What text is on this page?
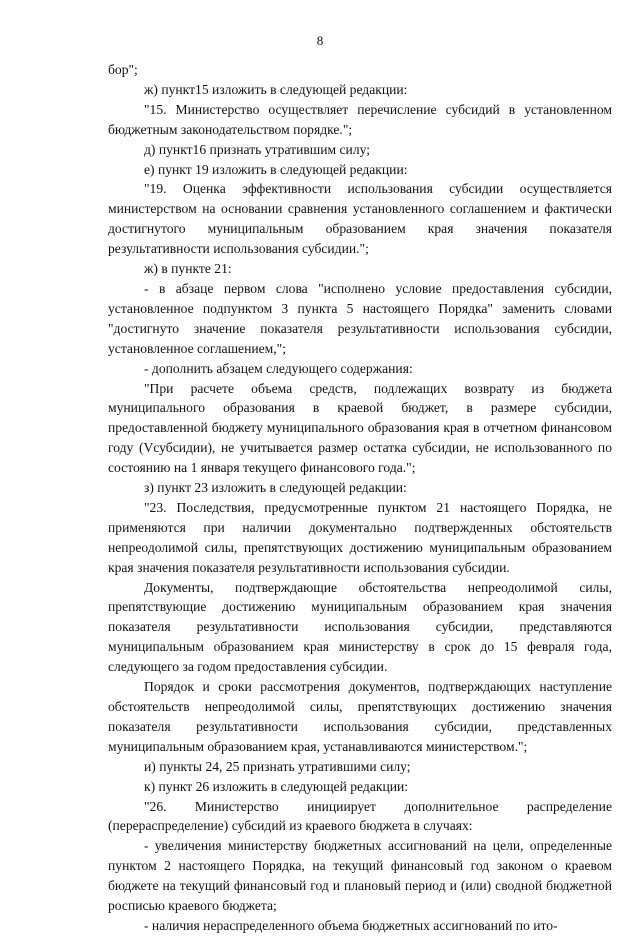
8

бор";

ж) пункт15 изложить в следующей редакции:

"15. Министерство осуществляет перечисление субсидий в установленном бюджетным законодательством порядке.";

д) пункт16 признать утратившим силу;

е) пункт 19 изложить в следующей редакции:

"19. Оценка эффективности использования субсидии осуществляется министерством на основании сравнения установленного соглашением и фактически достигнутого муниципальным образованием края значения показателя результативности использования субсидии.";

ж) в пункте 21:

- в абзаце первом слова "исполнено условие предоставления субсидии, установленное подпунктом 3 пункта 5 настоящего Порядка" заменить словами "достигнуто значение показателя результативности использования субсидии, установленное соглашением,";

- дополнить абзацем следующего содержания:

"При расчете объема средств, подлежащих возврату из бюджета муниципального образования в краевой бюджет, в размере субсидии, предоставленной бюджету муниципального образования края в отчетном финансовом году (Vсубсидии), не учитывается размер остатка субсидии, не использованного по состоянию на 1 января текущего финансового года.";

з) пункт 23 изложить в следующей редакции:

"23. Последствия, предусмотренные пунктом 21 настоящего Порядка, не применяются при наличии документально подтвержденных обстоятельств непреодолимой силы, препятствующих достижению муниципальным образованием края значения показателя результативности использования субсидии.

Документы, подтверждающие обстоятельства непреодолимой силы, препятствующие достижению муниципальным образованием края значения показателя результативности использования субсидии, представляются муниципальным образованием края министерству в срок до 15 февраля года, следующего за годом предоставления субсидии.

Порядок и сроки рассмотрения документов, подтверждающих наступление обстоятельств непреодолимой силы, препятствующих достижению значения показателя результативности использования субсидии, представленных муниципальным образованием края, устанавливаются министерством.";

и) пункты 24, 25 признать утратившими силу;

к) пункт 26 изложить в следующей редакции:

"26. Министерство инициирует дополнительное распределение (перераспределение) субсидий из краевого бюджета в случаях:

- увеличения министерству бюджетных ассигнований на цели, определенные пунктом 2 настоящего Порядка, на текущий финансовый год законом о краевом бюджете на текущий финансовый год и плановый период и (или) сводной бюджетной росписью краевого бюджета;

- наличия нераспределенного объема бюджетных ассигнований по ито-
